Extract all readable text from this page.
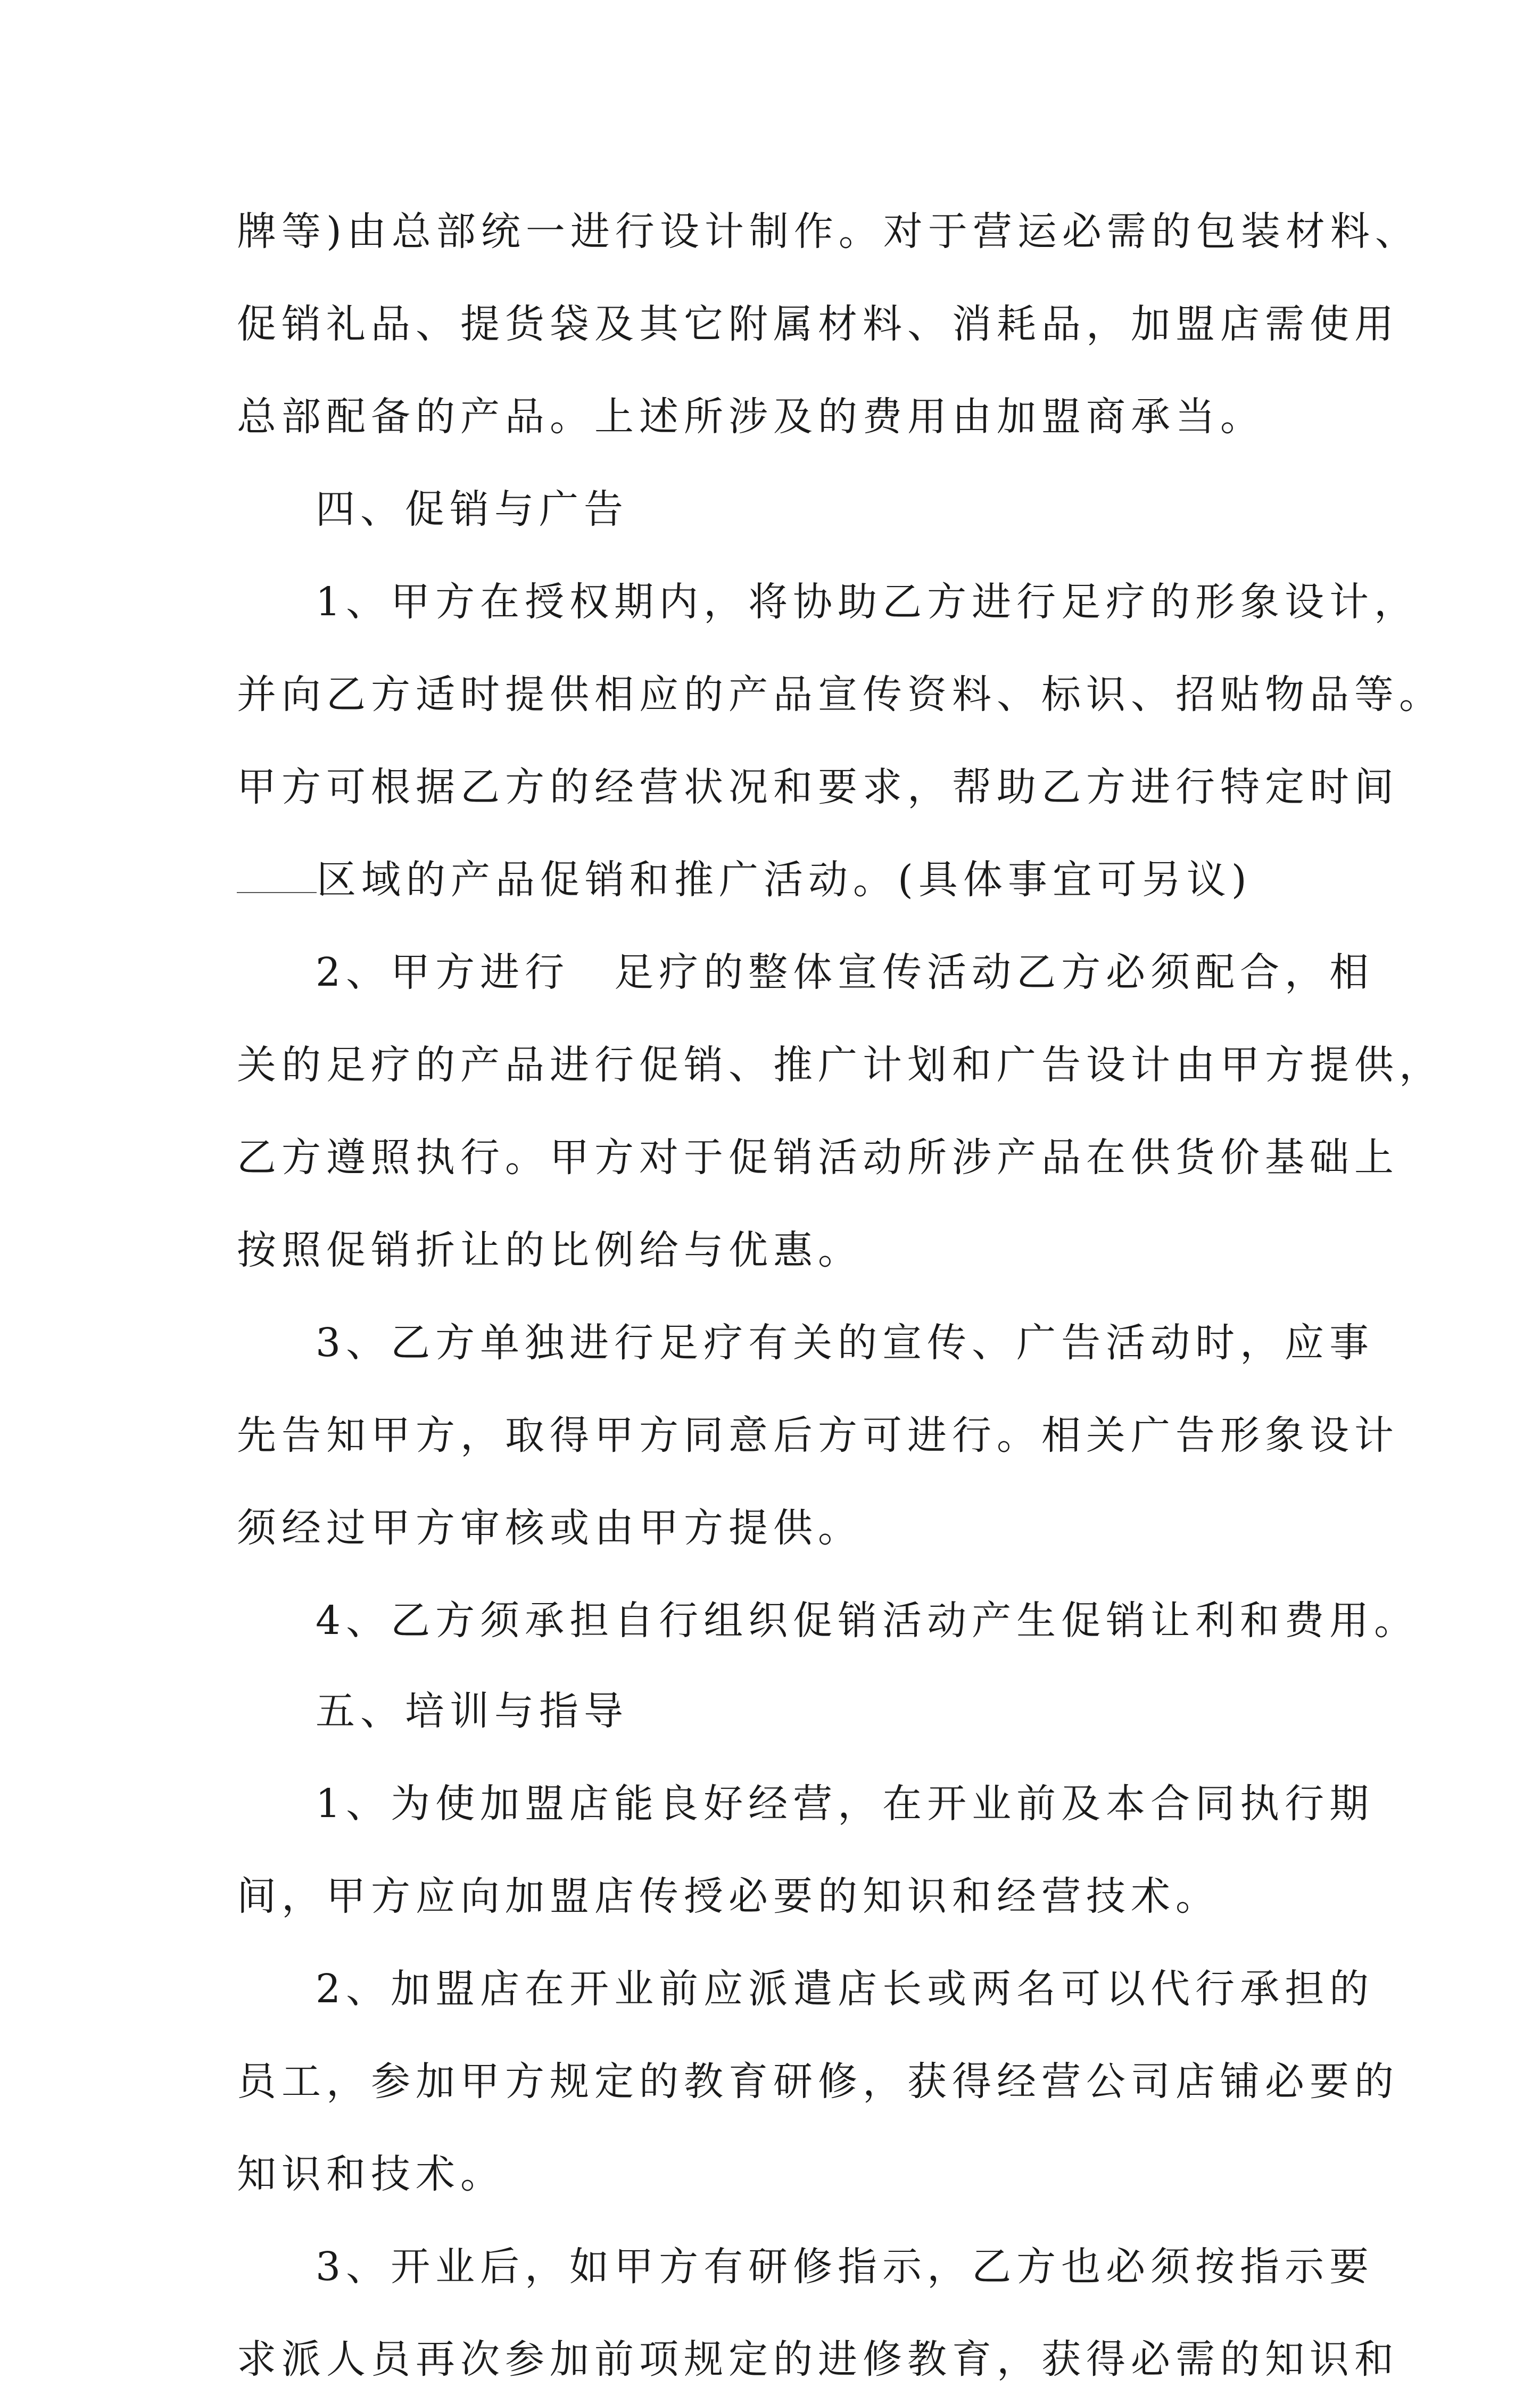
牌等)由总部统一进行设计制作。对于营运必需的包装材料、

促销礼品、提货袋及其它附属材料、消耗品，加盟店需使用

总部配备的产品。上述所涉及的费用由加盟商承当。

四、促销与广告

1、甲方在授权期内，将协助乙方进行足疗的形象设计，

并向乙方适时提供相应的产品宣传资料、标识、招贴物品等。

甲方可根据乙方的经营状况和要求，帮助乙方进行特定时间

区域的产品促销和推广活动。(具体事宜可另议)

2、甲方进行　足疗的整体宣传活动乙方必须配合，相

关的足疗的产品进行促销、推广计划和广告设计由甲方提供，

乙方遵照执行。甲方对于促销活动所涉产品在供货价基础上

按照促销折让的比例给与优惠。

3、乙方单独进行足疗有关的宣传、广告活动时，应事

先告知甲方，取得甲方同意后方可进行。相关广告形象设计

须经过甲方审核或由甲方提供。

4、乙方须承担自行组织促销活动产生促销让利和费用。

五、培训与指导

1、为使加盟店能良好经营，在开业前及本合同执行期

间，甲方应向加盟店传授必要的知识和经营技术。

2、加盟店在开业前应派遣店长或两名可以代行承担的

员工，参加甲方规定的教育研修，获得经营公司店铺必要的

知识和技术。

3、开业后，如甲方有研修指示，乙方也必须按指示要

求派人员再次参加前项规定的进修教育，获得必需的知识和
